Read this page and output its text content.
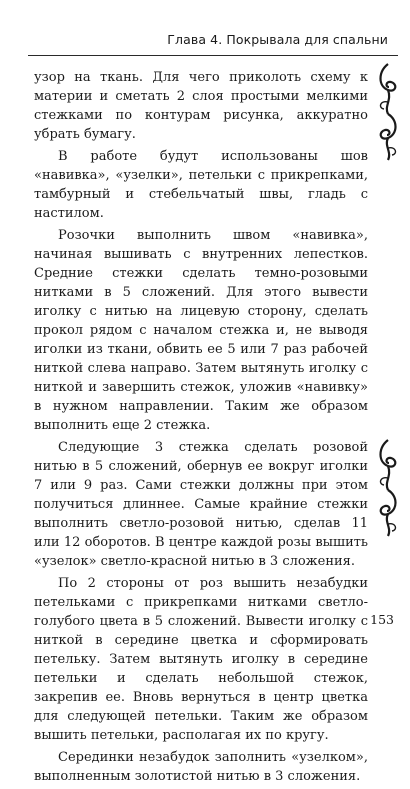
Глава 4. Покрывала для спальни

узор на ткань. Для чего приколоть схему к материи и сметать 2 слоя простыми мелкими стежками по контурам рисунка, аккуратно убрать бумагу.

В работе будут использованы шов «навивка», «узелки», петельки с прикрепками, тамбурный и стебельчатый швы, гладь с настилом.

Розочки выполнить швом «навивка», начиная вышивать с внутренних лепестков. Средние стежки сделать темно-розовыми нитками в 5 сложений. Для этого вывести иголку с нитью на лицевую сторону, сделать прокол рядом с началом стежка и, не выводя иголки из ткани, обвить ее 5 или 7 раз рабочей ниткой слева направо. Затем вытянуть иголку с ниткой и завершить стежок, уложив «навивку» в нужном направлении. Таким же образом выполнить еще 2 стежка.

Следующие 3 стежка сделать розовой нитью в 5 сложений, обернув ее вокруг иголки 7 или 9 раз. Сами стежки должны при этом получиться длиннее. Самые крайние стежки выполнить светло-розовой нитью, сделав 11 или 12 оборотов. В центре каждой розы вышить «узелок» светло-красной нитью в 3 сложения.

По 2 стороны от роз вышить незабудки петельками с прикрепками нитками светло-голубого цвета в 5 сложений. Вывести иголку с ниткой в середине цветка и сформировать петельку. Затем вытянуть иголку в середине петельки и сделать небольшой стежок, закрепив ее. Вновь вернуться в центр цветка для следующей петельки. Таким же образом вышить петельки, располагая их по кругу.

Серединки незабудок заполнить «узелком», выполненным золотистой нитью в 3 сложения.

153
